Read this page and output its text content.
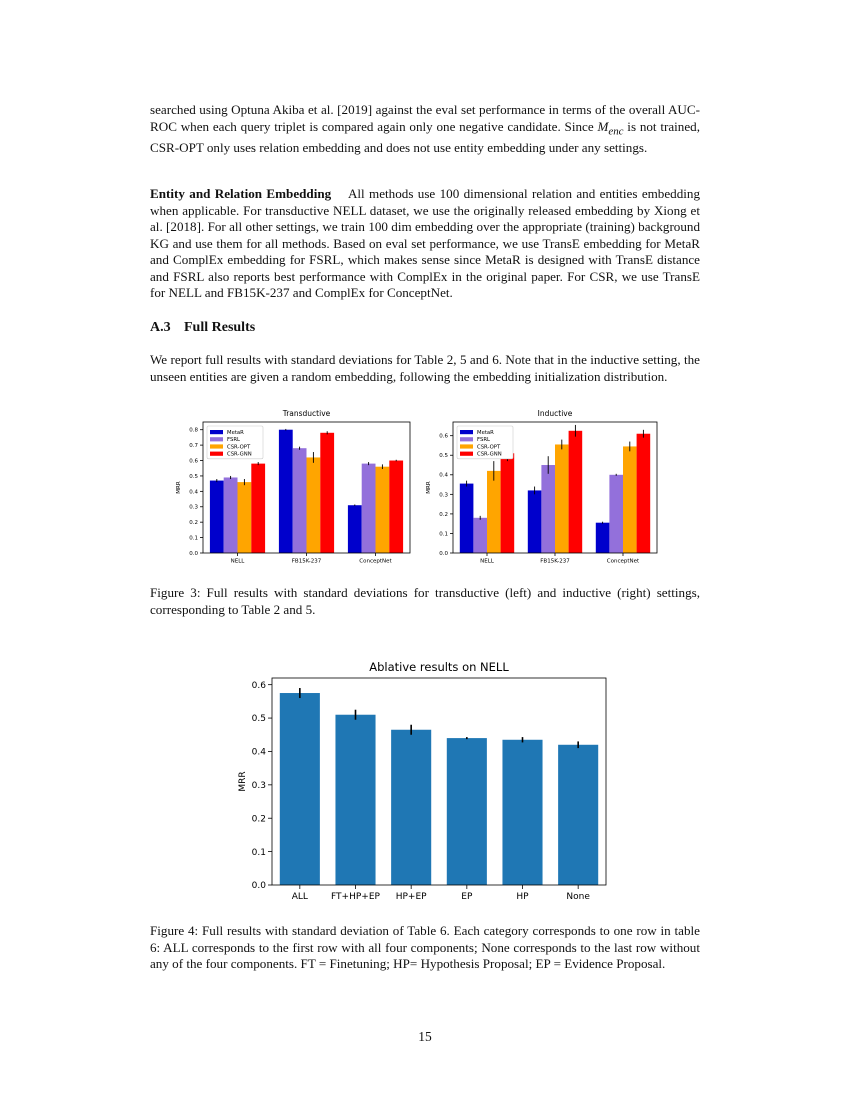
searched using Optuna Akiba et al. [2019] against the eval set performance in terms of the overall AUC-ROC when each query triplet is compared again only one negative candidate. Since $M_{enc}$ is not trained, CSR-OPT only uses relation embedding and does not use entity embedding under any settings.

Entity and Relation Embedding All methods use 100 dimensional relation and entities embedding when applicable. For transductive NELL dataset, we use the originally released embedding by Xiong et al. [2018]. For all other settings, we train 100 dim embedding over the appropriate (training) background KG and use them for all methods. Based on eval set performance, we use TransE embedding for MetaR and ComplEx embedding for FSRL, which makes sense since MetaR is designed with TransE distance and FSRL also reports best performance with ComplEx in the original paper. For CSR, we use TransE for NELL and FB15K-237 and ComplEx for ConceptNet.

A.3 Full Results

We report full results with standard deviations for Table 2, 5 and 6. Note that in the inductive setting, the unseen entities are given a random embedding, following the embedding initialization distribution.

Transductive
0.0
0.1
0.2
0.3
0.4
0.5
0.6
0.7
0.8
MRR
NELL	FB15K-237	ConceptNet
MetaR
FSRL
CSR-OPT
CSR-GNN
Inductive
0.0
0.1
0.2
0.3
0.4
0.5
0.6
MRR
NELL	FB15K-237	ConceptNet
MetaR
FSRL
CSR-OPT
CSR-GNN

Figure 3: Full results with standard deviations for transductive (left) and inductive (right) settings, corresponding to Table 2 and 5.

Ablative results on NELL
0.0
0.1
0.2
0.3
0.4
0.5
0.6
MRR
ALL	FT+HP+EP HP+EP	EP	HP	None

Figure 4: Full results with standard deviation of Table 6. Each category corresponds to one row in table 6: ALL corresponds to the first row with all four components; None corresponds to the last row without any of the four components. FT = Finetuning; HP= Hypothesis Proposal; EP = Evidence Proposal.

15
